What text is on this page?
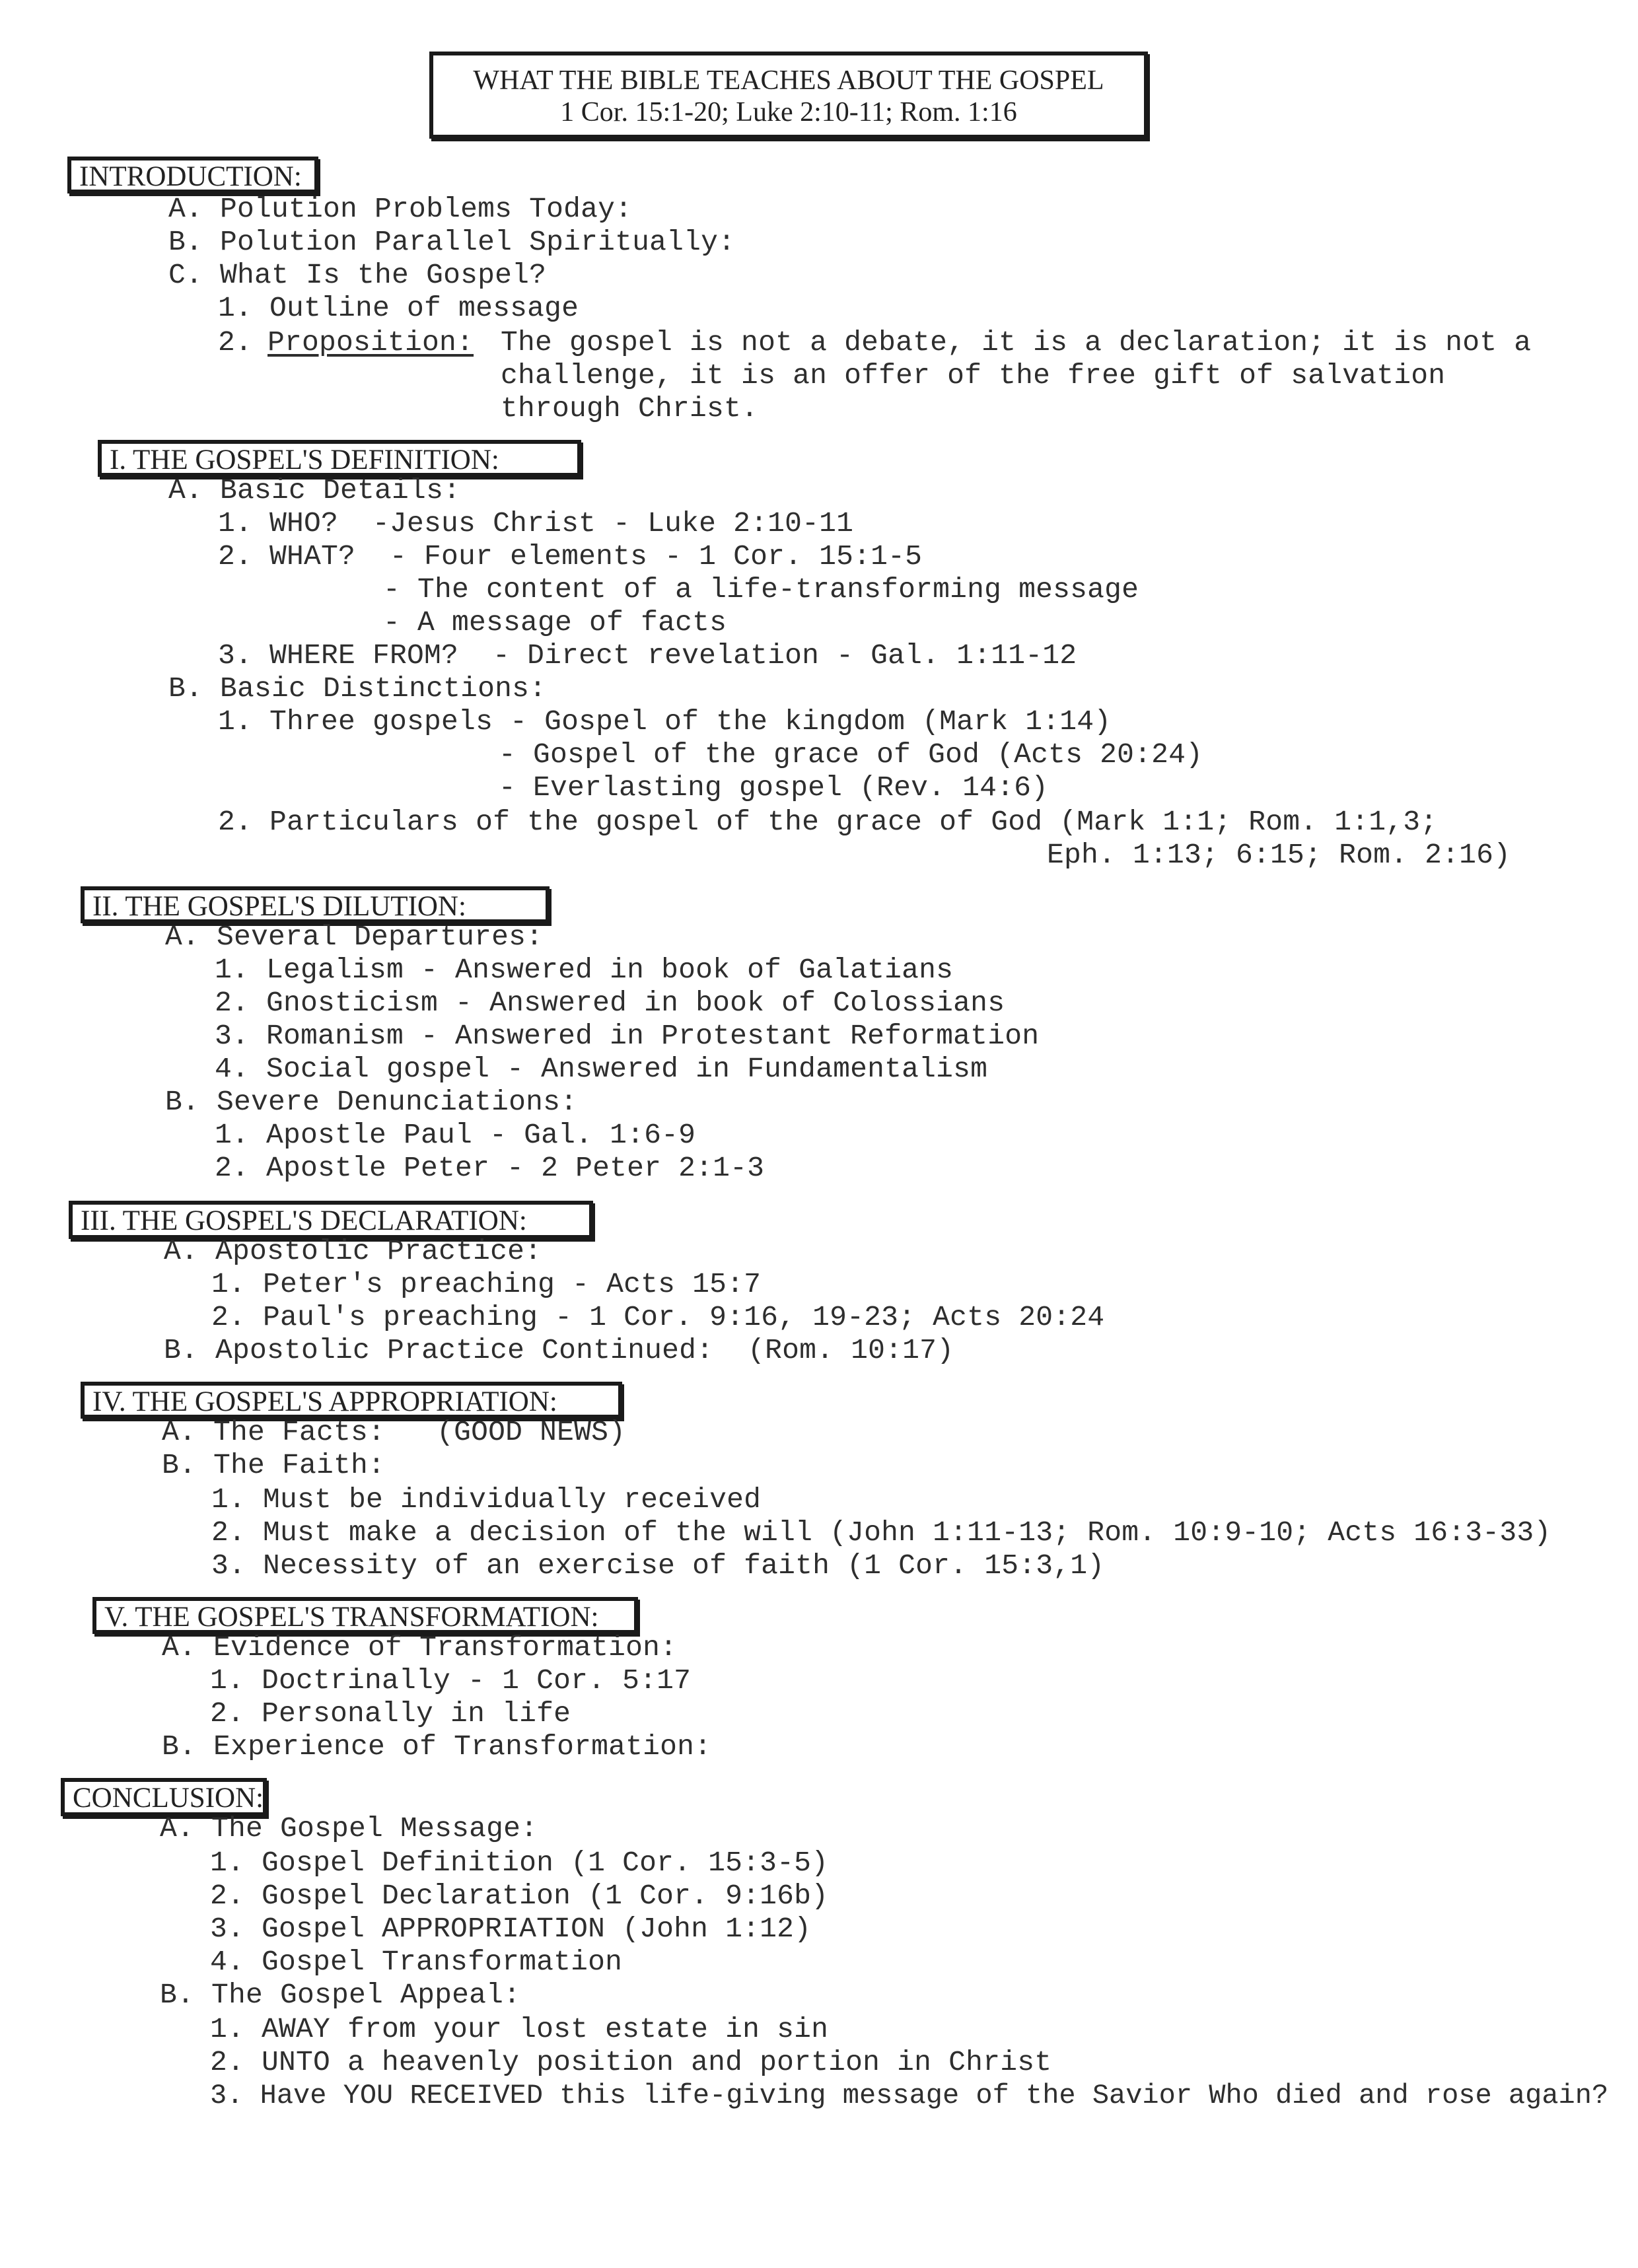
WHAT THE BIBLE TEACHES ABOUT THE GOSPEL
1 Cor. 15:1-20; Luke 2:10-11; Rom. 1:16
INTRODUCTION:
A. Polution Problems Today:
B. Polution Parallel Spiritually:
C. What Is the Gospel?
1. Outline of message
2. Proposition: The gospel is not a debate, it is a declaration; it is not a
challenge, it is an offer of the free gift of salvation
through Christ.
I. THE GOSPEL'S DEFINITION:
A. Basic Details:
1. WHO?  -Jesus Christ - Luke 2:10-11
2. WHAT?  - Four elements - 1 Cor. 15:1-5
- The content of a life-transforming message
- A message of facts
3. WHERE FROM?  - Direct revelation - Gal. 1:11-12
B. Basic Distinctions:
1. Three gospels - Gospel of the kingdom (Mark 1:14)
- Gospel of the grace of God (Acts 20:24)
- Everlasting gospel (Rev. 14:6)
2. Particulars of the gospel of the grace of God (Mark 1:1; Rom. 1:1,3;
Eph. 1:13; 6:15; Rom. 2:16)
II. THE GOSPEL'S DILUTION:
A. Several Departures:
1. Legalism - Answered in book of Galatians
2. Gnosticism - Answered in book of Colossians
3. Romanism - Answered in Protestant Reformation
4. Social gospel - Answered in Fundamentalism
B. Severe Denunciations:
1. Apostle Paul - Gal. 1:6-9
2. Apostle Peter - 2 Peter 2:1-3
III. THE GOSPEL'S DECLARATION:
A. Apostolic Practice:
1. Peter's preaching - Acts 15:7
2. Paul's preaching - 1 Cor. 9:16, 19-23; Acts 20:24
B. Apostolic Practice Continued:  (Rom. 10:17)
IV. THE GOSPEL'S APPROPRIATION:
A. The Facts:   (GOOD NEWS)
B. The Faith:
1. Must be individually received
2. Must make a decision of the will (John 1:11-13; Rom. 10:9-10; Acts 16:3-33)
3. Necessity of an exercise of faith (1 Cor. 15:3,1)
V. THE GOSPEL'S TRANSFORMATION:
A. Evidence of Transformation:
1. Doctrinally - 1 Cor. 5:17
2. Personally in life
B. Experience of Transformation:
CONCLUSION:
A. The Gospel Message:
1. Gospel Definition (1 Cor. 15:3-5)
2. Gospel Declaration (1 Cor. 9:16b)
3. Gospel APPROPRIATION (John 1:12)
4. Gospel Transformation
B. The Gospel Appeal:
1. AWAY from your lost estate in sin
2. UNTO a heavenly position and portion in Christ
3. Have YOU RECEIVED this life-giving message of the Savior Who died and rose again?
